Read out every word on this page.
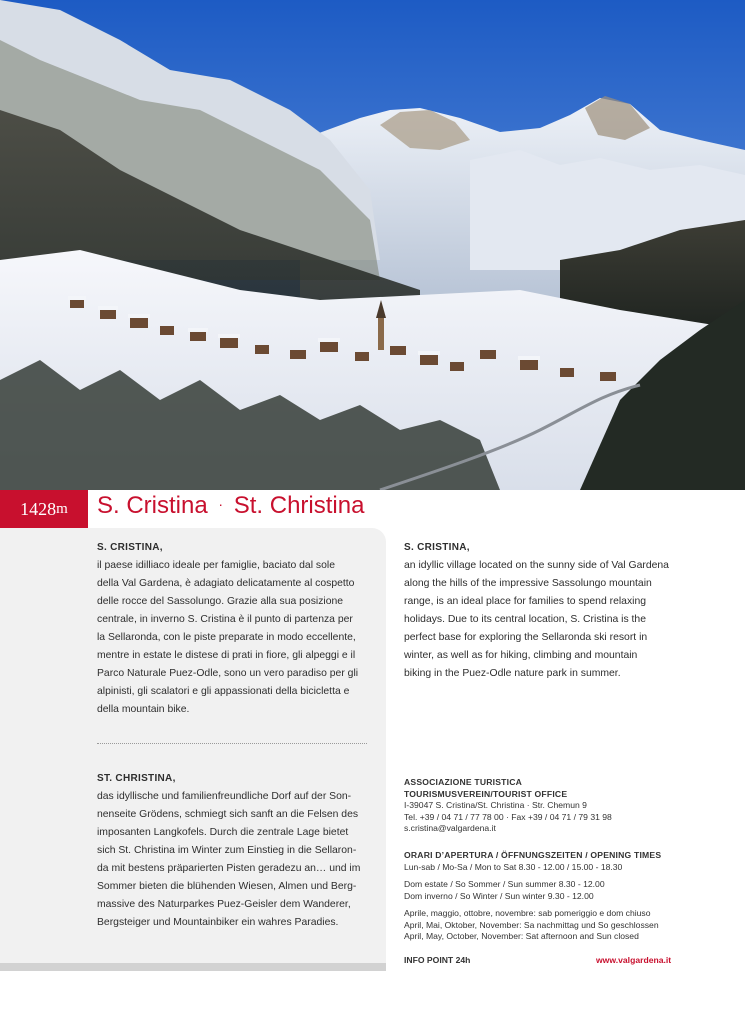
1428 m S. Cristina · St. Christina
S. CRISTINA,
il paese idilliaco ideale per famiglie, baciato dal sole
della Val Gardena, è adagiato delicatamente al cospetto
delle rocce del Sassolungo. Grazie alla sua posizione
centrale, in inverno S. Cristina è il punto di partenza per
la Sellaronda, con le piste preparate in modo eccellente,
mentre in estate le distese di prati in fiore, gli alpeggi e il
Parco Naturale Puez-Odle, sono un vero paradiso per gli
alpinisti, gli scalatori e gli appassionati della bicicletta e
della mountain bike.
ST. CHRISTINA,
das idyllische und familienfreundliche Dorf auf der Son-
nenseite Grödens, schmiegt sich sanft an die Felsen des
imposanten Langkofels. Durch die zentrale Lage bietet
sich St. Christina im Winter zum Einstieg in die Sellaron-
da mit bestens präparierten Pisten geradezu an… und im
Sommer bieten die blühenden Wiesen, Almen und Berg-
massive des Naturparkes Puez-Geisler dem Wanderer,
Bergsteiger und Mountainbiker ein wahres Paradies.
S. CRISTINA,
an idyllic village located on the sunny side of Val Gardena
along the hills of the impressive Sassolungo mountain
range, is an ideal place for families to spend relaxing
holidays. Due to its central location, S. Cristina is the
perfect base for exploring the Sellaronda ski resort in
winter, as well as for hiking, climbing and mountain
biking in the Puez-Odle nature park in summer.
ASSOCIAZIONE TURISTICA
TOURISMUSVEREIN/TOURIST OFFICE
I-39047 S. Cristina/St. Christina · Str. Chemun 9
Tel. +39 / 04 71 / 77 78 00 · Fax +39 / 04 71 / 79 31 98
s.cristina@valgardena.it
ORARI D’APERTURA / ÖFFNUNGSZEITEN / OPENING TIMES
Lun-sab / Mo-Sa / Mon to Sat 8.30 - 12.00 / 15.00 - 18.30
Dom estate / So Sommer / Sun summer 8.30 - 12.00
Dom inverno / So Winter / Sun winter 9.30 - 12.00
Aprile, maggio, ottobre, novembre: sab pomeriggio e dom chiuso
April, Mai, Oktober, November: Sa nachmittag und So geschlossen
April, May, October, November: Sat afternoon and Sun closed
INFO POINT 24h	www.valgardena.it
